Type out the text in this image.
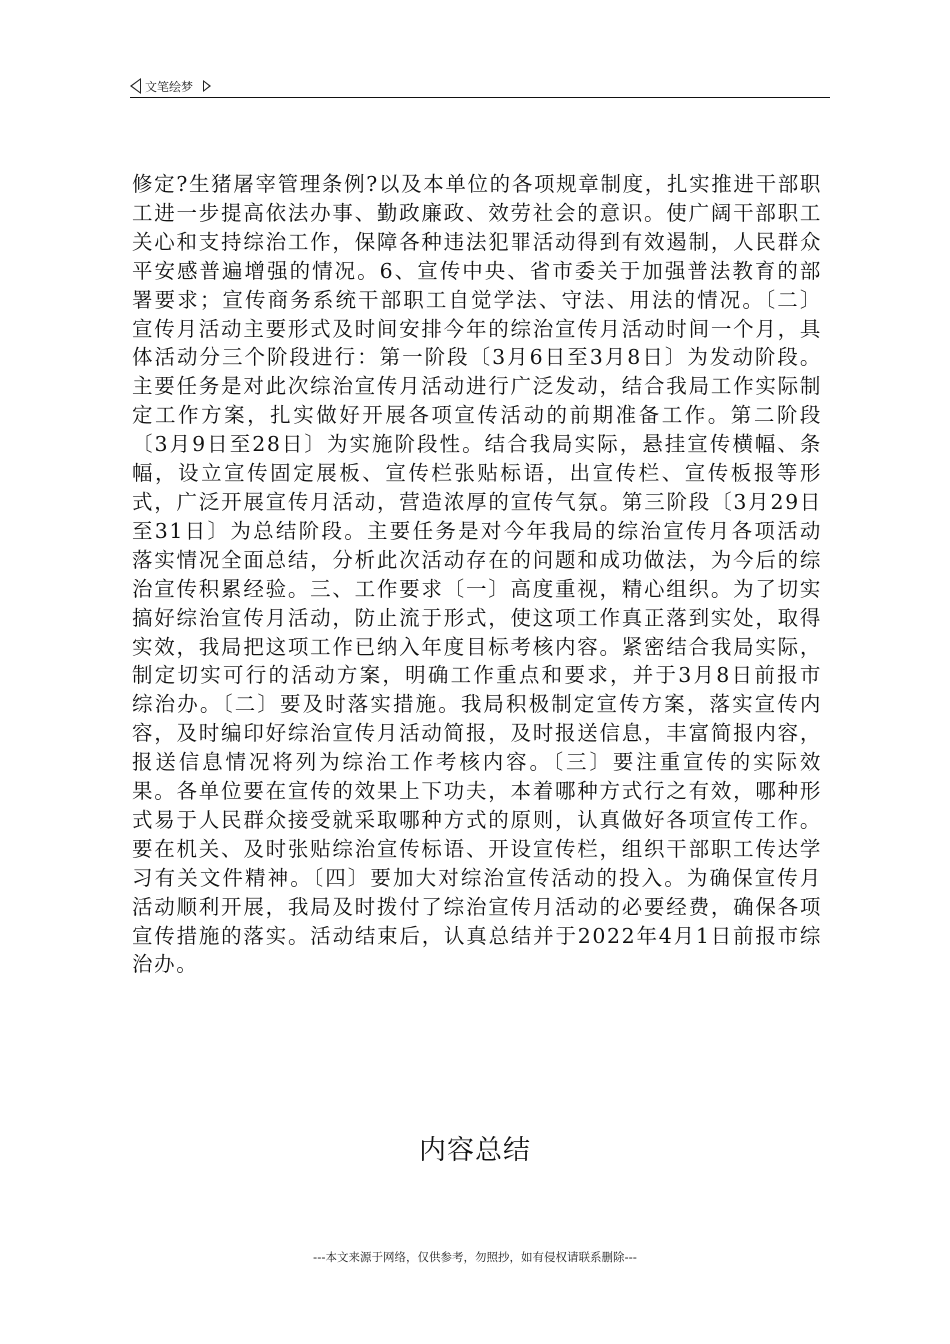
文笔绘梦

修定?生猪屠宰管理条例?以及本单位的各项规章制度，扎实推进干部职工进一步提高依法办事、勤政廉政、效劳社会的意识。使广阔干部职工关心和支持综治工作，保障各种违法犯罪活动得到有效遏制，人民群众平安感普遍增强的情况。6、宣传中央、省市委关于加强普法教育的部署要求；宣传商务系统干部职工自觉学法、守法、用法的情况。〔二〕宣传月活动主要形式及时间安排今年的综治宣传月活动时间一个月，具体活动分三个阶段进行：第一阶段〔3月6日至3月8日〕为发动阶段。主要任务是对此次综治宣传月活动进行广泛发动，结合我局工作实际制定工作方案，扎实做好开展各项宣传活动的前期准备工作。第二阶段〔3月9日至28日〕为实施阶段性。结合我局实际，悬挂宣传横幅、条幅，设立宣传固定展板、宣传栏张贴标语，出宣传栏、宣传板报等形式，广泛开展宣传月活动，营造浓厚的宣传气氛。第三阶段〔3月29日至31日〕为总结阶段。主要任务是对今年我局的综治宣传月各项活动落实情况全面总结，分析此次活动存在的问题和成功做法，为今后的综治宣传积累经验。三、工作要求〔一〕高度重视，精心组织。为了切实搞好综治宣传月活动，防止流于形式，使这项工作真正落到实处，取得实效，我局把这项工作已纳入年度目标考核内容。紧密结合我局实际，制定切实可行的活动方案，明确工作重点和要求，并于3月8日前报市综治办。〔二〕要及时落实措施。我局积极制定宣传方案，落实宣传内容，及时编印好综治宣传月活动简报，及时报送信息，丰富简报内容，报送信息情况将列为综治工作考核内容。〔三〕要注重宣传的实际效果。各单位要在宣传的效果上下功夫，本着哪种方式行之有效，哪种形式易于人民群众接受就采取哪种方式的原则，认真做好各项宣传工作。要在机关、及时张贴综治宣传标语、开设宣传栏，组织干部职工传达学习有关文件精神。〔四〕要加大对综治宣传活动的投入。为确保宣传月活动顺利开展，我局及时拨付了综治宣传月活动的必要经费，确保各项宣传措施的落实。活动结束后，认真总结并于2022年4月1日前报市综治办。

内容总结
---本文来源于网络，仅供参考，勿照抄，如有侵权请联系删除---
